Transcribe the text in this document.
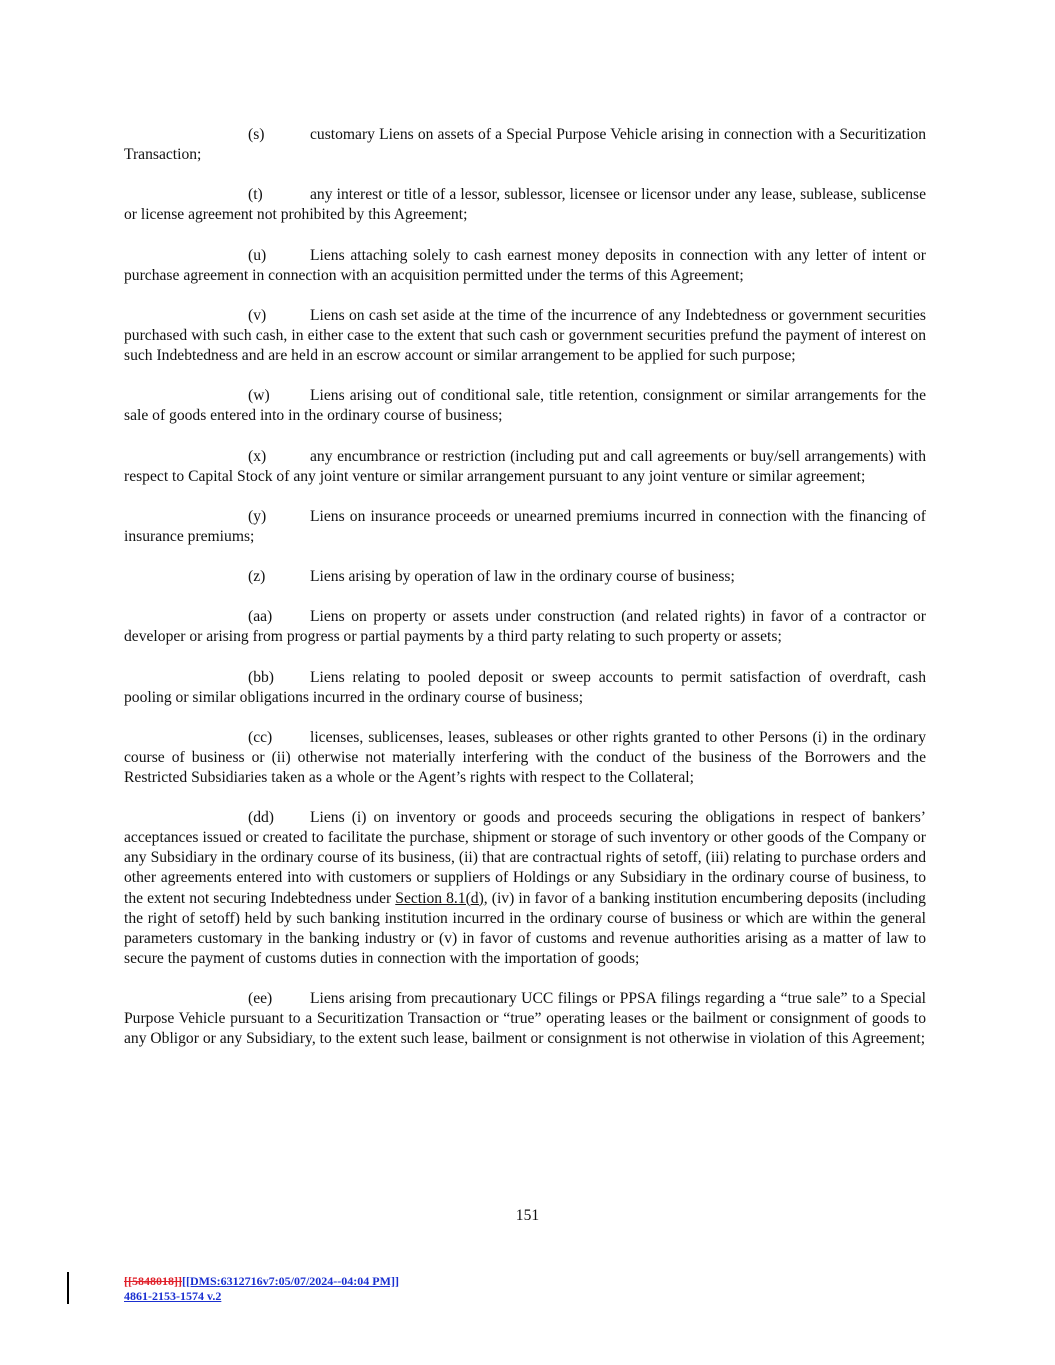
(s)	customary Liens on assets of a Special Purpose Vehicle arising in connection with a Securitization Transaction;

(t)	any interest or title of a lessor, sublessor, licensee or licensor under any lease, sublease, sublicense or license agreement not prohibited by this Agreement;

(u)	Liens attaching solely to cash earnest money deposits in connection with any letter of intent or purchase agreement in connection with an acquisition permitted under the terms of this Agreement;

(v)	Liens on cash set aside at the time of the incurrence of any Indebtedness or government securities purchased with such cash, in either case to the extent that such cash or government securities prefund the payment of interest on such Indebtedness and are held in an escrow account or similar arrangement to be applied for such purpose;

(w)	Liens arising out of conditional sale, title retention, consignment or similar arrangements for the sale of goods entered into in the ordinary course of business;

(x)	any encumbrance or restriction (including put and call agreements or buy/sell arrangements) with respect to Capital Stock of any joint venture or similar arrangement pursuant to any joint venture or similar agreement;

(y)	Liens on insurance proceeds or unearned premiums incurred in connection with the financing of insurance premiums;

(z)	Liens arising by operation of law in the ordinary course of business;

(aa) Liens on property or assets under construction (and related rights) in favor of a contractor or developer or arising from progress or partial payments by a third party relating to such property or assets;

(bb) Liens relating to pooled deposit or sweep accounts to permit satisfaction of overdraft, cash pooling or similar obligations incurred in the ordinary course of business;

(cc) licenses, sublicenses, leases, subleases or other rights granted to other Persons (i) in the ordinary course of business or (ii) otherwise not materially interfering with the conduct of the business of the Borrowers and the Restricted Subsidiaries taken as a whole or the Agent’s rights with respect to the Collateral;

(dd) Liens (i) on inventory or goods and proceeds securing the obligations in respect of bankers’ acceptances issued or created to facilitate the purchase, shipment or storage of such inventory or other goods of the Company or any Subsidiary in the ordinary course of its business, (ii) that are contractual rights of setoff, (iii) relating to purchase orders and other agreements entered into with customers or suppliers of Holdings or any Subsidiary in the ordinary course of business, to the extent not securing Indebtedness under Section 8.1(d), (iv) in favor of a banking institution encumbering deposits (including the right of setoff) held by such banking institution incurred in the ordinary course of business or which are within the general parameters customary in the banking industry or (v) in favor of customs and revenue authorities arising as a matter of law to secure the payment of customs duties in connection with the importation of goods;

(ee) Liens arising from precautionary UCC filings or PPSA filings regarding a “true sale” to a Special Purpose Vehicle pursuant to a Securitization Transaction or “true” operating leases or the bailment or consignment of goods to any Obligor or any Subsidiary, to the extent such lease, bailment or consignment is not otherwise in violation of this Agreement;

151
[[5848018]][[DMS:6312716v7:05/07/2024--04:04 PM]]
4861-2153-1574 v.2
